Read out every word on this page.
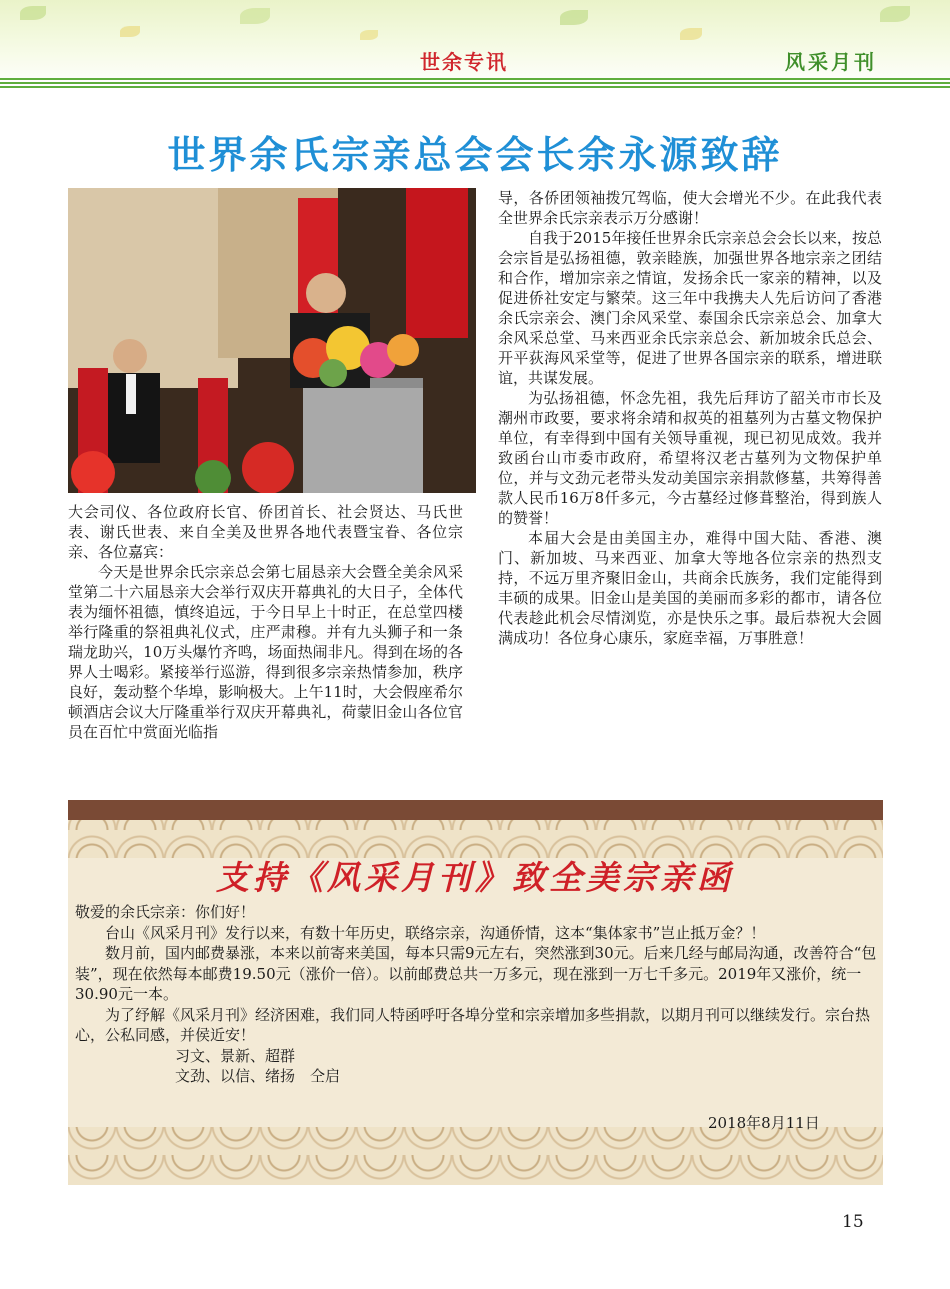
世余专讯	风采月刊
世界余氏宗亲总会会长余永源致辞

大会司仪、各位政府长官、侨团首长、社会贤达、马氏世表、谢氏世表、来自全美及世界各地代表暨宝眷、各位宗亲、各位嘉宾：

今天是世界余氏宗亲总会第七届恳亲大会暨全美余风采堂第二十六届恳亲大会举行双庆开幕典礼的大日子，全体代表为缅怀祖德，慎终追远，于今日早上十时正，在总堂四楼举行隆重的祭祖典礼仪式，庄严肃穆。并有九头狮子和一条瑞龙助兴，10万头爆竹齐鸣，场面热闹非凡。得到在场的各界人士喝彩。紧接举行巡游，得到很多宗亲热情参加，秩序良好，轰动整个华埠，影响极大。上午11时，大会假座希尔顿酒店会议大厅隆重举行双庆开幕典礼，荷蒙旧金山各位官员在百忙中赏面光临指

导，各侨团领袖拨冗驾临，使大会增光不少。在此我代表全世界余氏宗亲表示万分感谢！

自我于2015年接任世界余氏宗亲总会会长以来，按总会宗旨是弘扬祖德，敦亲睦族，加强世界各地宗亲之团结和合作，增加宗亲之情谊，发扬余氏一家亲的精神，以及促进侨社安定与繁荣。这三年中我携夫人先后访问了香港余氏宗亲会、澳门余风采堂、泰国余氏宗亲总会、加拿大余风采总堂、马来西亚余氏宗亲总会、新加坡余氏总会、开平荻海风采堂等，促进了世界各国宗亲的联系，增进联谊，共谋发展。

为弘扬祖德，怀念先祖，我先后拜访了韶关市市长及潮州市政要，要求将余靖和叔英的祖墓列为古墓文物保护单位，有幸得到中国有关领导重视，现已初见成效。我并致函台山市委市政府，希望将汉老古墓列为文物保护单位，并与文劲元老带头发动美国宗亲捐款修墓，共筹得善款人民币16万8仟多元，今古墓经过修葺整治，得到族人的赞誉！

本届大会是由美国主办，难得中国大陆、香港、澳门、新加坡、马来西亚、加拿大等地各位宗亲的热烈支持，不远万里齐聚旧金山，共商余氏族务，我们定能得到丰硕的成果。旧金山是美国的美丽而多彩的都市，请各位代表趁此机会尽情浏览，亦是快乐之事。最后恭祝大会圆满成功！各位身心康乐，家庭幸福，万事胜意！

支持《风采月刊》致全美宗亲函

敬爱的余氏宗亲：你们好！

台山《风采月刊》发行以来，有数十年历史，联络宗亲，沟通侨情，这本“集体家书”岂止抵万金？！

数月前，国内邮费暴涨，本来以前寄来美国，每本只需9元左右，突然涨到30元。后来几经与邮局沟通，改善符合“包装”，现在依然每本邮费19.50元（涨价一倍）。以前邮费总共一万多元，现在涨到一万七千多元。2019年又涨价，统一30.90元一本。

为了纾解《风采月刊》经济困难，我们同人特函呼吁各埠分堂和宗亲增加多些捐款，以期月刊可以继续发行。宗台热心，公私同感，并侯近安！

习文、景新、超群

文劲、以信、绪扬　仝启

2018年8月11日
15
